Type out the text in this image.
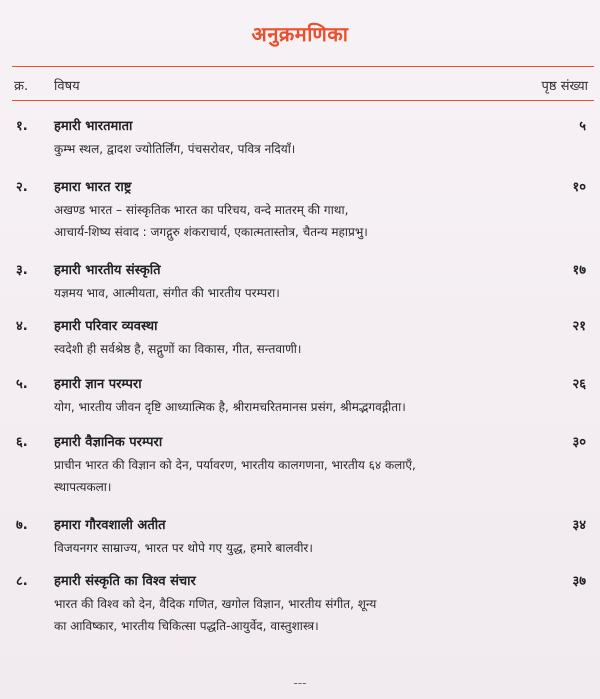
अनुक्रमणिका
क्र. विषय	पृष्ठ संख्या
१. हमारी भारतमाता	५
कुम्भ स्थल, द्वादश ज्योतिर्लिंग, पंचसरोवर, पवित्र नदियाँ।
२. हमारा भारत राष्ट्र	१०
अखण्ड भारत – सांस्कृतिक भारत का परिचय, वन्दे मातरम् की गाथा,
आचार्य-शिष्य संवाद : जगद्गुरु शंकराचार्य, एकात्मतास्तोत्र, चैतन्य महाप्रभु।
३. हमारी भारतीय संस्कृति	१७
यज्ञमय भाव, आत्मीयता, संगीत की भारतीय परम्परा।
४. हमारी परिवार व्यवस्था	२१
स्वदेशी ही सर्वश्रेष्ठ है, सद्गुणों का विकास, गीत, सन्तवाणी।
५. हमारी ज्ञान परम्परा	२६
योग, भारतीय जीवन दृष्टि आध्यात्मिक है, श्रीरामचरितमानस प्रसंग, श्रीमद्भगवद्गीता।
६. हमारी वैज्ञानिक परम्परा	३०
प्राचीन भारत की विज्ञान को देन, पर्यावरण, भारतीय कालगणना, भारतीय ६४ कलाएँ,
स्थापत्यकला।
७. हमारा गौरवशाली अतीत	३४
विजयनगर साम्राज्य, भारत पर थोपे गए युद्ध, हमारे बालवीर।
८. हमारी संस्कृति का विश्व संचार	३७
भारत की विश्व को देन, वैदिक गणित, खगोल विज्ञान, भारतीय संगीत, शून्य
का आविष्कार, भारतीय चिकित्सा पद्धति-आयुर्वेद, वास्तुशास्त्र।
---
